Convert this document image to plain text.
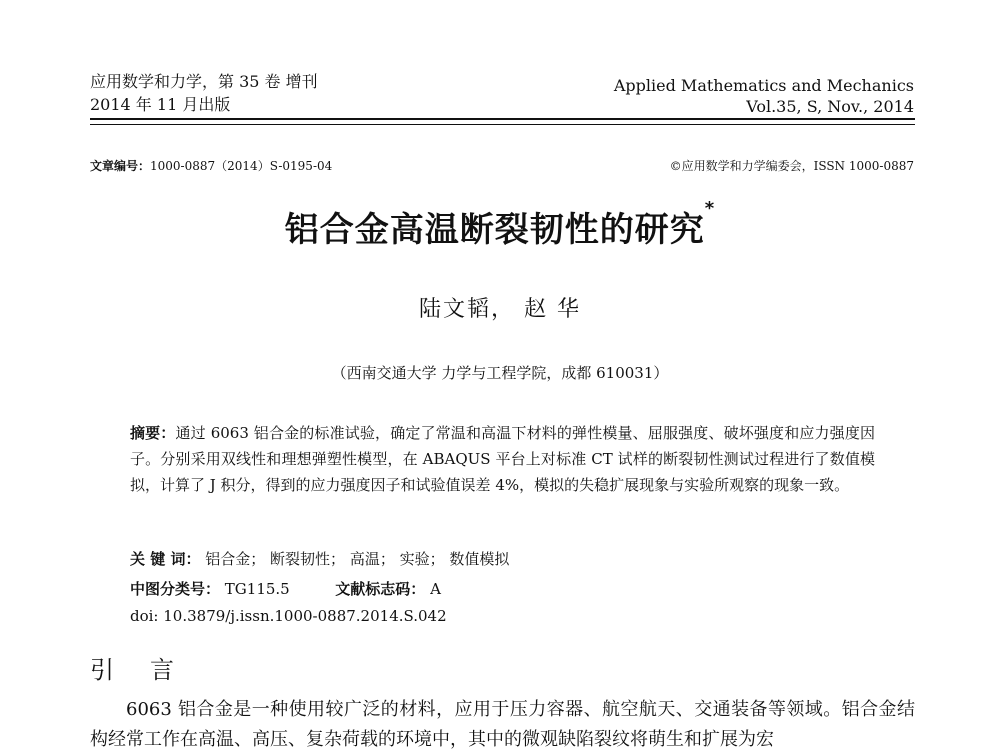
应用数学和力学，第 35 卷 增刊
2014 年 11 月出版
Applied Mathematics and Mechanics
Vol.35, S, Nov., 2014
文章编号：1000-0887（2014）S-0195-04	©应用数学和力学编委会，ISSN 1000-0887
铝合金高温断裂韧性的研究*
陆文韬， 赵 华
（西南交通大学 力学与工程学院，成都 610031）
摘要：通过 6063 铝合金的标准试验，确定了常温和高温下材料的弹性模量、屈服强度、破坏强度和应力强度因子。分别采用双线性和理想弹塑性模型，在 ABAQUS 平台上对标准 CT 试样的断裂韧性测试过程进行了数值模拟，计算了 J 积分，得到的应力强度因子和试验值误差 4%，模拟的失稳扩展现象与实验所观察的现象一致。
关 键 词： 铝合金； 断裂韧性； 高温； 实验； 数值模拟
中图分类号： TG115.5	文献标志码： A
doi: 10.3879/j.issn.1000-0887.2014.S.042
引言
6063 铝合金是一种使用较广泛的材料，应用于压力容器、航空航天、交通装备等领域。铝合金结构经常工作在高温、高压、复杂荷载的环境中，其中的微观缺陷裂纹将萌生和扩展为宏
